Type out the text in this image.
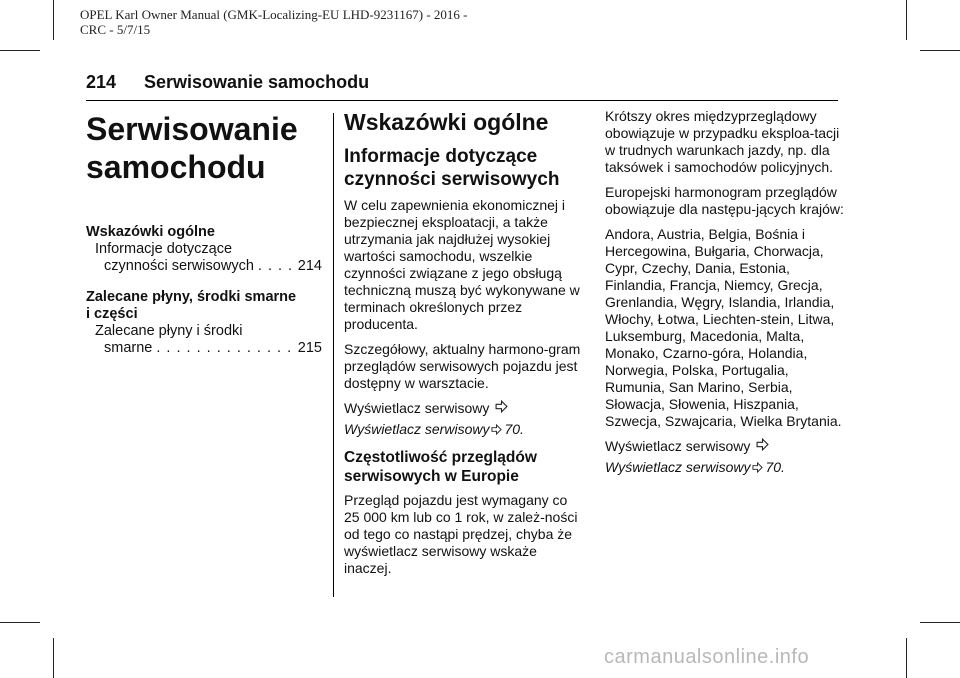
OPEL Karl Owner Manual (GMK-Localizing-EU LHD-9231167) - 2016 -
CRC - 5/7/15
214 Serwisowanie samochodu
Serwisowanie
samochodu
Wskazówki ogólne
Informacje dotyczące
czynności serwisowych . . .	214
Zalecane płyny, środki smarne
i części
Zalecane płyny i środki
smarne . . .	215
Wskazówki ogólne
Informacje dotyczące
czynności serwisowych

W celu zapewnienia ekonomicznej i bezpiecznej eksploatacji, a także utrzymania jak najdłużej wysokiej wartości samochodu, wszelkie czynności związane z jego obsługą techniczną muszą być wykonywane w terminach określonych przez producenta.

Szczegółowy, aktualny harmono-gram przeglądów serwisowych pojazdu jest dostępny w warsztacie.

Wyświetlacz serwisowy

Wyświetlacz serwisowy 70.

Częstotliwość przeglądów
serwisowych w Europie

Przegląd pojazdu jest wymagany co 25 000 km lub co 1 rok, w zależ-ności od tego co nastąpi prędzej, chyba że wyświetlacz serwisowy wskaże inaczej.

Krótszy okres międzyprzeglądowy obowiązuje w przypadku eksploa-tacji w trudnych warunkach jazdy, np. dla taksówek i samochodów policyjnych.

Europejski harmonogram przeglądów obowiązuje dla następu-jących krajów:

Andora, Austria, Belgia, Bośnia i Hercegowina, Bułgaria, Chorwacja, Cypr, Czechy, Dania, Estonia, Finlandia, Francja, Niemcy, Grecja, Grenlandia, Węgry, Islandia, Irlandia, Włochy, Łotwa, Liechten-stein, Litwa, Luksemburg, Macedonia, Malta, Monako, Czarno-góra, Holandia, Norwegia, Polska, Portugalia, Rumunia, San Marino, Serbia, Słowacja, Słowenia, Hiszpania, Szwecja, Szwajcaria, Wielka Brytania.

Wyświetlacz serwisowy

Wyświetlacz serwisowy 70.

carmanualsonline.info
